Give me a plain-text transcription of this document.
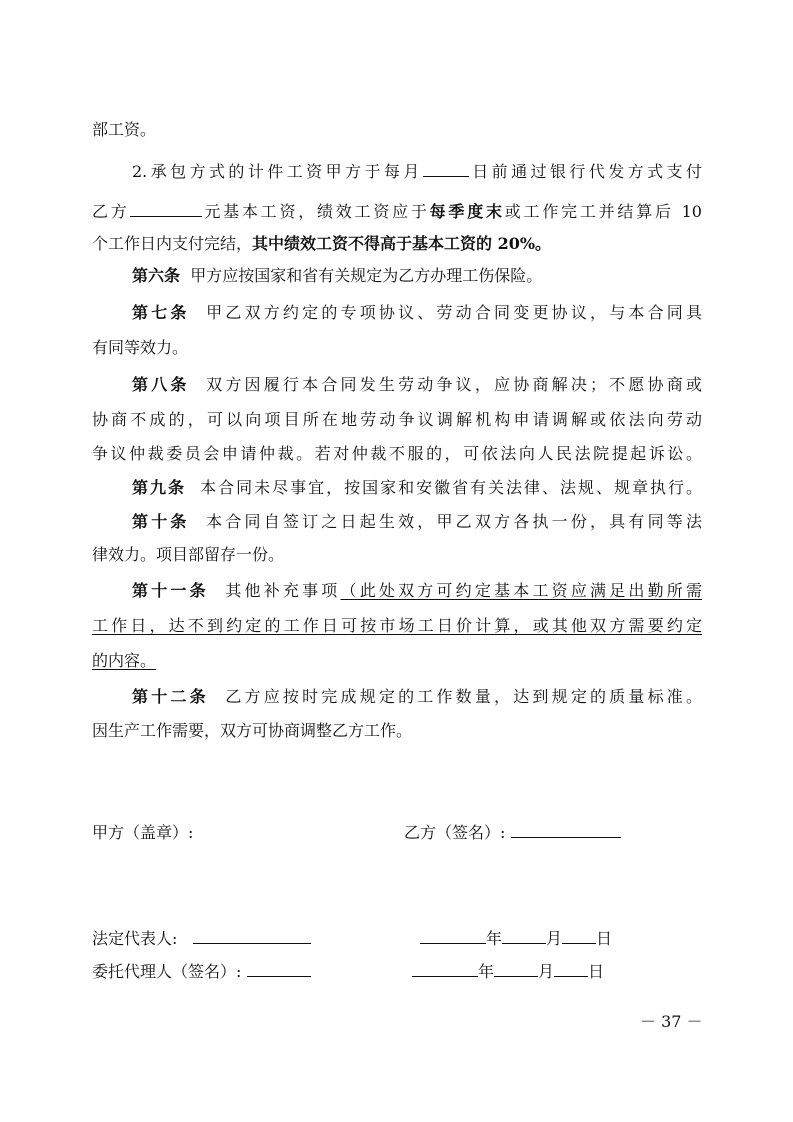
部工资。
2.承包方式的计件工资甲方于每月	日前通过银行代发方式支付
乙方	元基本工资，绩效工资应于每季度末或工作完工并结算后 10
个工作日内支付完结，其中绩效工资不得高于基本工资的 20%。
第六条 甲方应按国家和省有关规定为乙方办理工伤保险。
第七条 甲乙双方约定的专项协议、劳动合同变更协议，与本合同具
有同等效力。
第八条 双方因履行本合同发生劳动争议，应协商解决；不愿协商或
协商不成的，可以向项目所在地劳动争议调解机构申请调解或依法向劳动
争议仲裁委员会申请仲裁。若对仲裁不服的，可依法向人民法院提起诉讼。
第九条 本合同未尽事宜，按国家和安徽省有关法律、法规、规章执行。
第十条 本合同自签订之日起生效，甲乙双方各执一份，具有同等法
律效力。项目部留存一份。
第十一条 其他补充事项（此处双方可约定基本工资应满足出勤所需
工作日，达不到约定的工作日可按市场工日价计算，或其他双方需要约定
的内容。
第十二条 乙方应按时完成规定的工作数量，达到规定的质量标准。
因生产工作需要，双方可协商调整乙方工作。
甲方（盖章）:	乙方（签名）:
法定代表人:	年	月 日
委托代理人（签名）:	年	月 日
－ 37 －
